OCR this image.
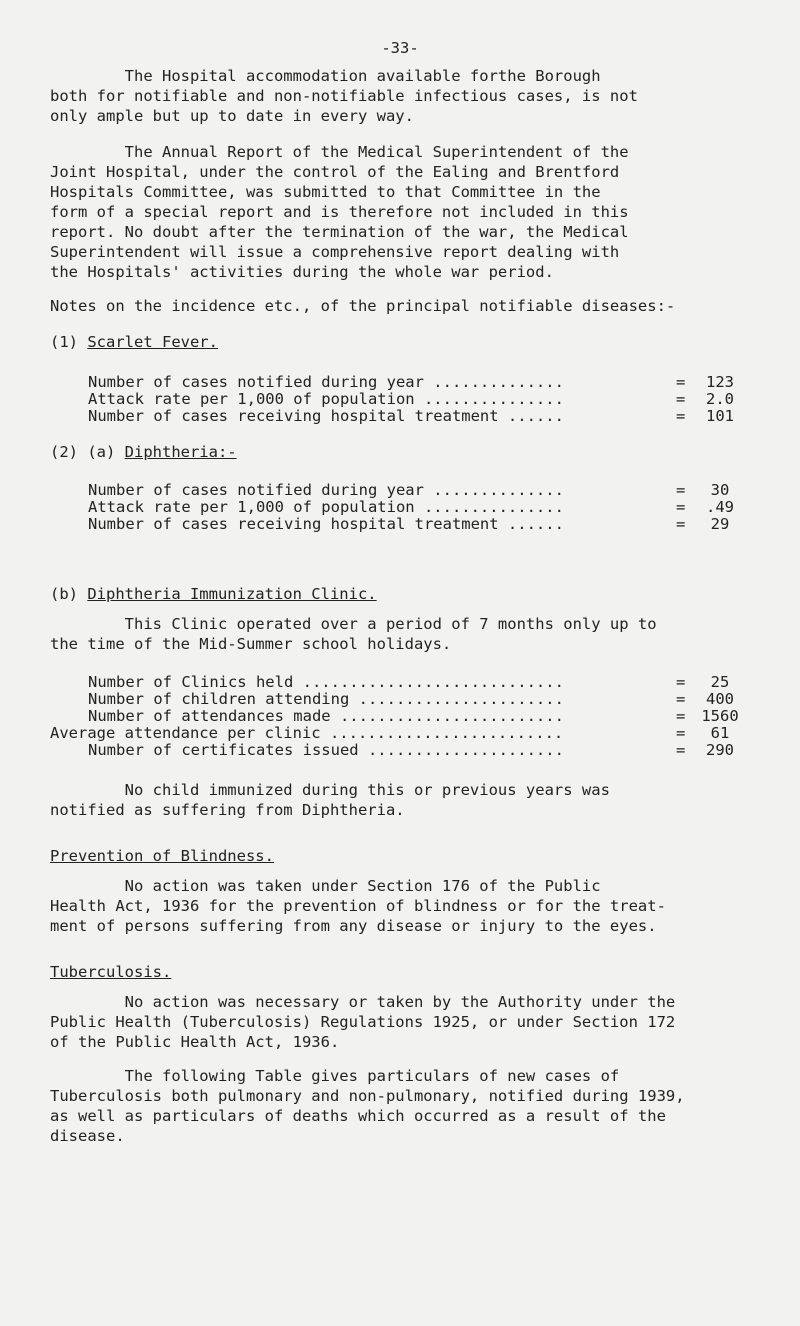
-33-
The Hospital accommodation available forthe Borough
both for notifiable and non-notifiable infectious cases, is not
only ample but up to date in every way.
The Annual Report of the Medical Superintendent of the
Joint Hospital, under the control of the Ealing and Brentford
Hospitals Committee, was submitted to that Committee in the
form of a special report and is therefore not included in this
report. No doubt after the termination of the war, the Medical
Superintendent will issue a comprehensive report dealing with
the Hospitals' activities during the whole war period.
Notes on the incidence etc., of the principal notifiable diseases:-
(1) Scarlet Fever.
Number of cases notified during year ..............	=	123
Attack rate per 1,000 of population ...............	=	2.0
Number of cases receiving hospital treatment ......	=	101
(2) (a) Diphtheria:-
Number of cases notified during year ..............	=	30
Attack rate per 1,000 of population ...............	=	.49
Number of cases receiving hospital treatment ......	=	29
(b) Diphtheria Immunization Clinic.
This Clinic operated over a period of 7 months only up to
the time of the Mid-Summer school holidays.
Number of Clinics held ............................	=	25
Number of children attending ......................	=	400
Number of attendances made ........................	=	1560
Average attendance per clinic .........................	=	61
Number of certificates issued .....................	=	290
No child immunized during this or previous years was
notified as suffering from Diphtheria.
Prevention of Blindness.
No action was taken under Section 176 of the Public
Health Act, 1936 for the prevention of blindness or for the treat-
ment of persons suffering from any disease or injury to the eyes.
Tuberculosis.
No action was necessary or taken by the Authority under the
Public Health (Tuberculosis) Regulations 1925, or under Section 172
of the Public Health Act, 1936.
The following Table gives particulars of new cases of
Tuberculosis both pulmonary and non-pulmonary, notified during 1939,
as well as particulars of deaths which occurred as a result of the
disease.
